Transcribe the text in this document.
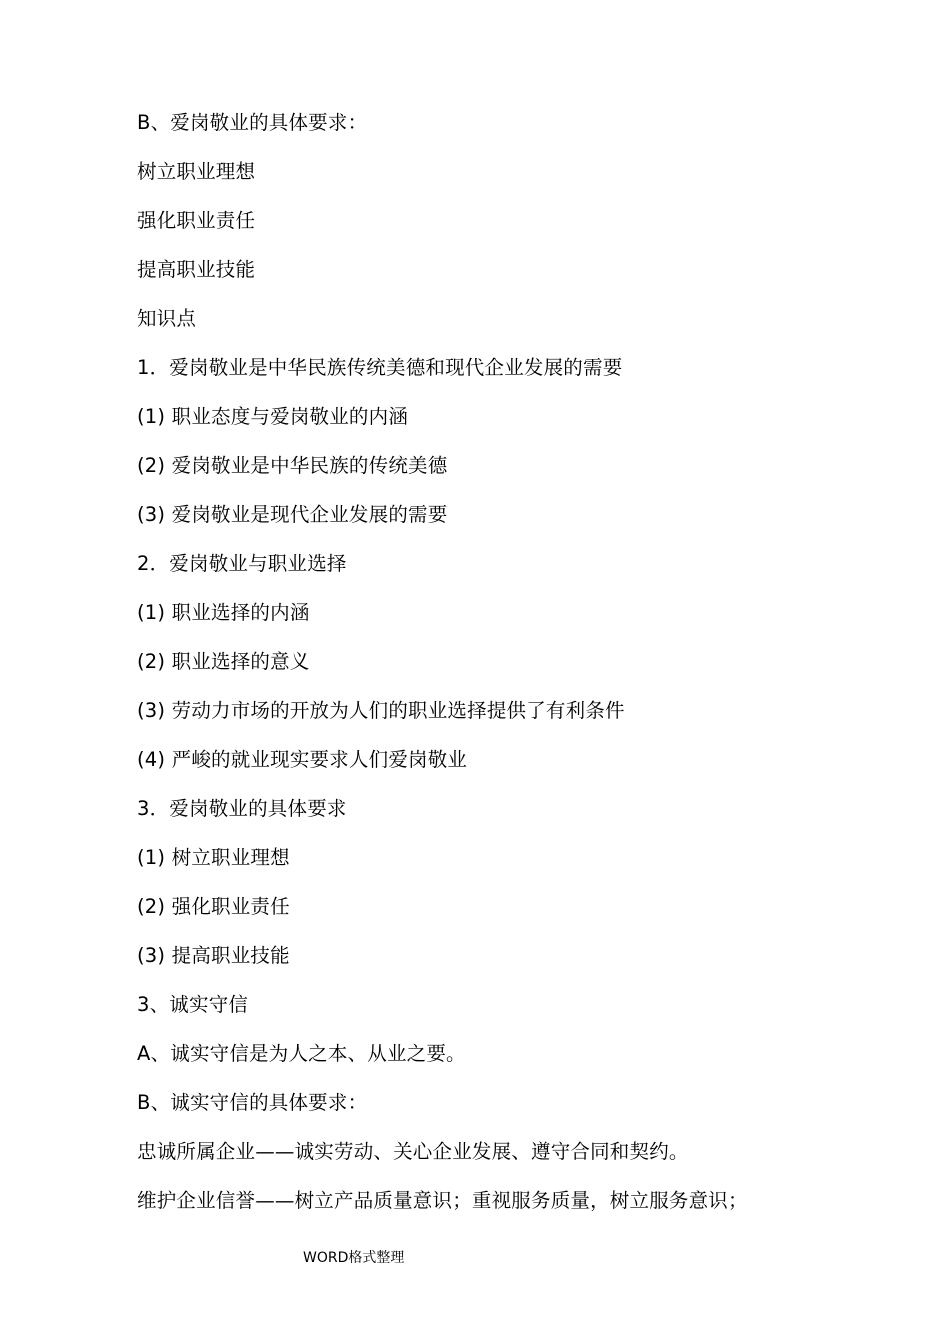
B、爱岗敬业的具体要求：
树立职业理想
强化职业责任
提高职业技能
知识点
1．爱岗敬业是中华民族传统美德和现代企业发展的需要
(1) 职业态度与爱岗敬业的内涵
(2) 爱岗敬业是中华民族的传统美德
(3) 爱岗敬业是现代企业发展的需要
2．爱岗敬业与职业选择
(1) 职业选择的内涵
(2) 职业选择的意义
(3) 劳动力市场的开放为人们的职业选择提供了有利条件
(4) 严峻的就业现实要求人们爱岗敬业
3．爱岗敬业的具体要求
(1) 树立职业理想
(2) 强化职业责任
(3) 提高职业技能
3、诚实守信
A、诚实守信是为人之本、从业之要。
B、诚实守信的具体要求：
忠诚所属企业——诚实劳动、关心企业发展、遵守合同和契约。
维护企业信誉——树立产品质量意识；重视服务质量，树立服务意识；
WORD格式整理
